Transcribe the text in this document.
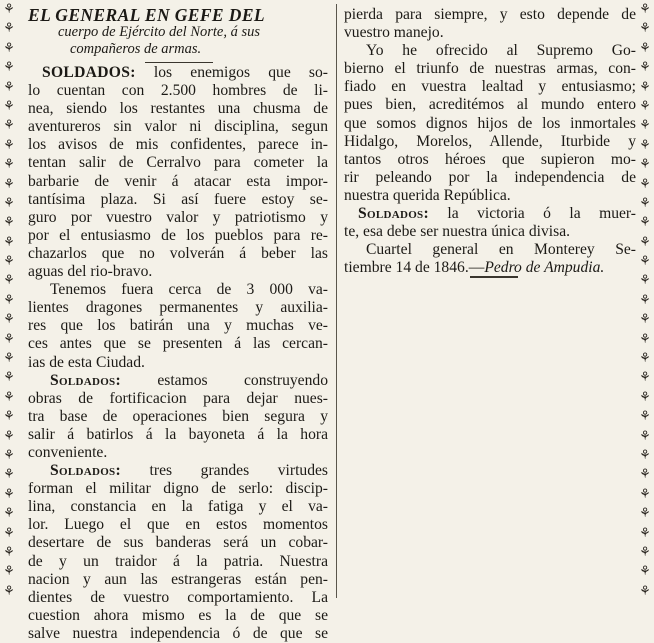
⚘
⚘
⚘
⚘
⚘
⚘
⚘
⚘
⚘
⚘
⚘
⚘
⚘
⚘
⚘
⚘
⚘
⚘
⚘
⚘
⚘
⚘
⚘
⚘
⚘
⚘
⚘
⚘
⚘
⚘
⚘
⚘
⚘
⚘
⚘
⚘
⚘
⚘
⚘
⚘
⚘
⚘
⚘
⚘
⚘
⚘
⚘
⚘
⚘
⚘
⚘
⚘
⚘
⚘
⚘
⚘
⚘
⚘
⚘
⚘
⚘
⚘
EL GENERAL EN GEFE DEL
cuerpo de Ejército del Norte, á sus
compañeros de armas.

SOLDADOS: los enemigos que so-
lo cuentan con 2.500 hombres de li-
nea, siendo los restantes una chusma de
aventureros sin valor ni disciplina, segun
los avisos de mis confidentes, parece in-
tentan salir de Cerralvo para cometer la
barbarie de venir á atacar esta impor-
tantísima plaza. Si así fuere estoy se-
guro por vuestro valor y patriotismo y
por el entusiasmo de los pueblos para re-
chazarlos que no volverán á beber las
aguas del rio-bravo.

Tenemos fuera cerca de 3 000 va-
lientes dragones permanentes y auxilia-
res que los batirán una y muchas ve-
ces antes que se presenten á las cercan-
ias de esta Ciudad.

Soldados: estamos construyendo
obras de fortificacion para dejar nues-
tra base de operaciones bien segura y
salir á batirlos á la bayoneta á la hora
conveniente.

Soldados: tres grandes virtudes
forman el militar digno de serlo: discip-
lina, constancia en la fatiga y el va-
lor. Luego el que en estos momentos
desertare de sus banderas será un cobar-
de y un traidor á la patria. Nuestra
nacion y aun las estrangeras están pen-
dientes de vuestro comportamiento. La
cuestion ahora mismo es la de que se
salve nuestra independencia ó de que se

pierda para siempre, y esto depende de
vuestro manejo.

Yo he ofrecido al Supremo Go-
bierno el triunfo de nuestras armas, con-
fiado en vuestra lealtad y entusiasmo;
pues bien, acreditémos al mundo entero
que somos dignos hijos de los inmortales
Hidalgo, Morelos, Allende, Iturbide y
tantos otros héroes que supieron mo-
rir peleando por la independencia de
nuestra querida República.

Soldados: la victoria ó la muer-
te, esa debe ser nuestra única divisa.

Cuartel general en Monterey Se-
tiembre 14 de 1846.—Pedro de Ampudia.
